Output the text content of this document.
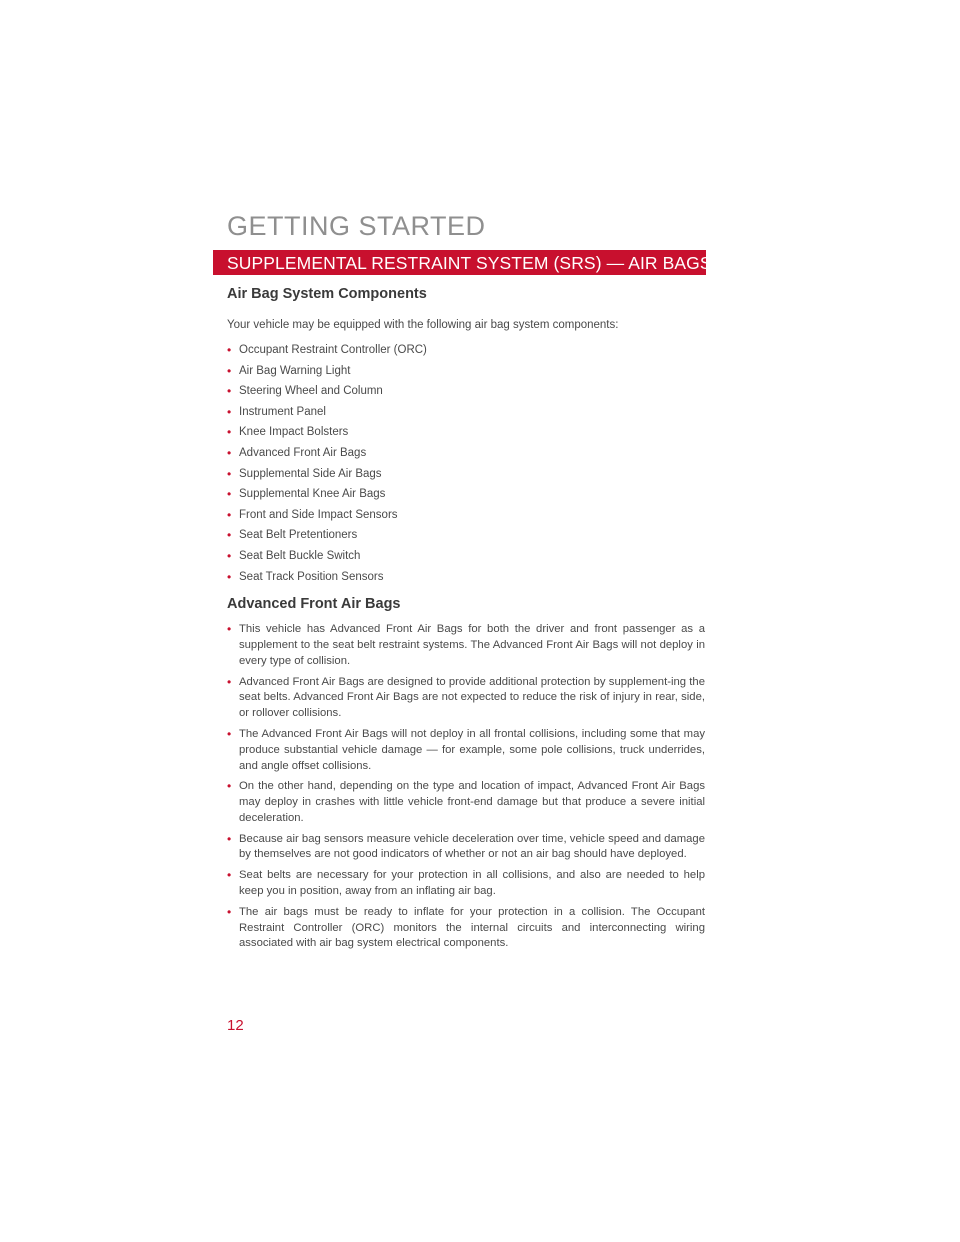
GETTING STARTED
SUPPLEMENTAL RESTRAINT SYSTEM (SRS) — AIR BAGS
Air Bag System Components

Your vehicle may be equipped with the following air bag system components:

• Occupant Restraint Controller (ORC)
• Air Bag Warning Light
• Steering Wheel and Column
• Instrument Panel
• Knee Impact Bolsters
• Advanced Front Air Bags
• Supplemental Side Air Bags
• Supplemental Knee Air Bags
• Front and Side Impact Sensors
• Seat Belt Pretentioners
• Seat Belt Buckle Switch
• Seat Track Position Sensors
Advanced Front Air Bags
• This vehicle has Advanced Front Air Bags for both the driver and front passenger as a supplement to the seat belt restraint systems. The Advanced Front Air Bags will not deploy in every type of collision.
• Advanced Front Air Bags are designed to provide additional protection by supplement-ing the seat belts. Advanced Front Air Bags are not expected to reduce the risk of injury in rear, side, or rollover collisions.
• The Advanced Front Air Bags will not deploy in all frontal collisions, including some that may produce substantial vehicle damage — for example, some pole collisions, truck underrides, and angle offset collisions.
• On the other hand, depending on the type and location of impact, Advanced Front Air Bags may deploy in crashes with little vehicle front-end damage but that produce a severe initial deceleration.
• Because air bag sensors measure vehicle deceleration over time, vehicle speed and damage by themselves are not good indicators of whether or not an air bag should have deployed.
• Seat belts are necessary for your protection in all collisions, and also are needed to help keep you in position, away from an inflating air bag.
• The air bags must be ready to inflate for your protection in a collision. The Occupant Restraint Controller (ORC) monitors the internal circuits and interconnecting wiring associated with air bag system electrical components.
12
